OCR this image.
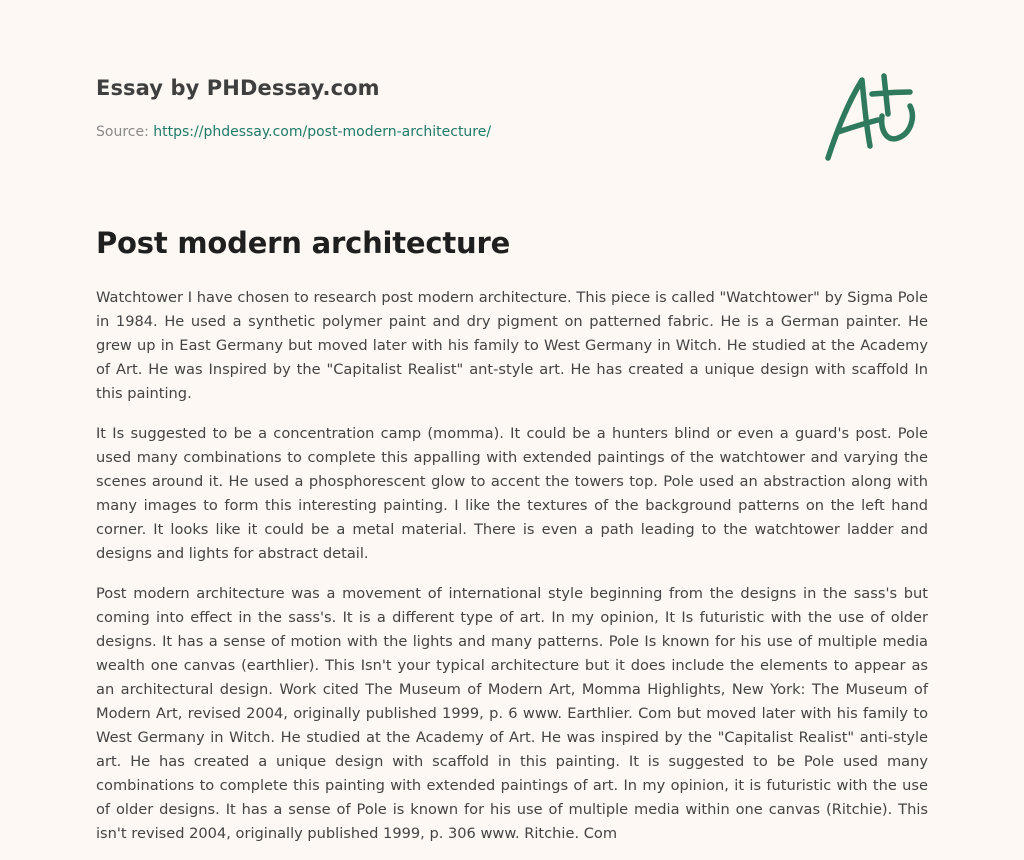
Essay by PHDessay.com
Source: https://phdessay.com/post-modern-architecture/
Post modern architecture

Watchtower I have chosen to research post modern architecture. This piece is called "Watchtower" by Sigma Pole in 1984. He used a synthetic polymer paint and dry pigment on patterned fabric. He is a German painter. He grew up in East Germany but moved later with his family to West Germany in Witch. He studied at the Academy of Art. He was Inspired by the "Capitalist Realist" ant-style art. He has created a unique design with scaffold In this painting.

It Is suggested to be a concentration camp (momma). It could be a hunters blind or even a guard's post. Pole used many combinations to complete this appalling with extended paintings of the watchtower and varying the scenes around it. He used a phosphorescent glow to accent the towers top. Pole used an abstraction along with many images to form this interesting painting. I like the textures of the background patterns on the left hand corner. It looks like it could be a metal material. There is even a path leading to the watchtower ladder and designs and lights for abstract detail.

Post modern architecture was a movement of international style beginning from the designs in the sass's but coming into effect in the sass's. It is a different type of art. In my opinion, It Is futuristic with the use of older designs. It has a sense of motion with the lights and many patterns. Pole Is known for his use of multiple media wealth one canvas (earthlier). This Isn't your typical architecture but it does include the elements to appear as an architectural design. Work cited The Museum of Modern Art, Momma Highlights, New York: The Museum of Modern Art, revised 2004, originally published 1999, p. 6 www. Earthlier. Com but moved later with his family to West Germany in Witch. He studied at the Academy of Art. He was inspired by the "Capitalist Realist" anti-style art. He has created a unique design with scaffold in this painting. It is suggested to be Pole used many combinations to complete this painting with extended paintings of art. In my opinion, it is futuristic with the use of older designs. It has a sense of Pole is known for his use of multiple media within one canvas (Ritchie). This isn't revised 2004, originally published 1999, p. 306 www. Ritchie. Com
